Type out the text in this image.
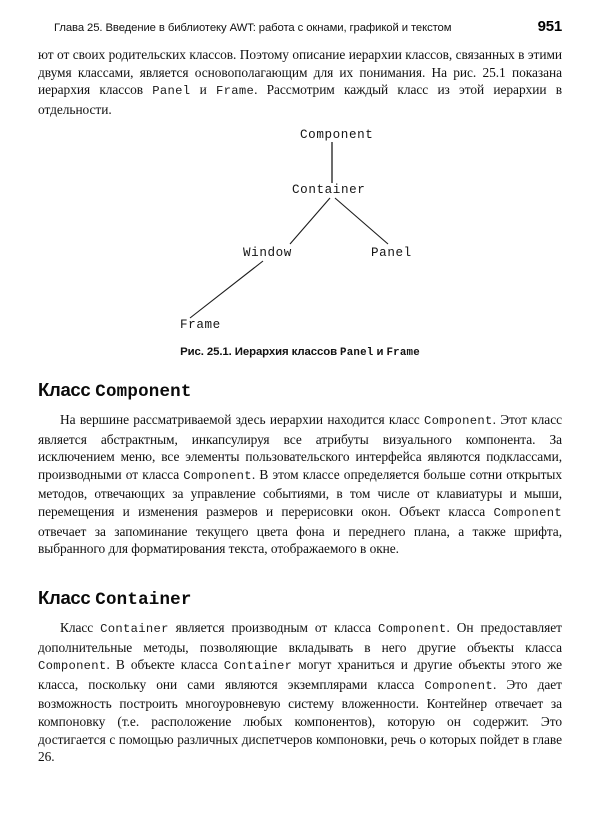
Глава 25. Введение в библиотеку AWT: работа с окнами, графикой и текстом	951

ют от своих родительских классов. Поэтому описание иерархии классов, связанных в этими двумя классами, является основополагающим для их понимания. На рис. 25.1 показана иерархия классов Panel и Frame. Рассмотрим каждый класс из этой иерархии в отдельности.

Component
Container
Window	Panel
Frame
Рис. 25.1. Иерархия классов Panel и Frame
Класс Component

На вершине рассматриваемой здесь иерархии находится класс Component. Этот класс является абстрактным, инкапсулируя все атрибуты визуального компонента. За исключением меню, все элементы пользовательского интерфейса являются подклассами, производными от класса Component. В этом классе определяется больше сотни открытых методов, отвечающих за управление событиями, в том числе от клавиатуры и мыши, перемещения и изменения размеров и перерисовки окон. Объект класса Component отвечает за запоминание текущего цвета фона и переднего плана, а также шрифта, выбранного для форматирования текста, отображаемого в окне.

Класс Container

Класс Container является производным от класса Component. Он предоставляет дополнительные методы, позволяющие вкладывать в него другие объекты класса Component. В объекте класса Container могут храниться и другие объекты этого же класса, поскольку они сами являются экземплярами класса Component. Это дает возможность построить многоуровневую систему вложенности. Контейнер отвечает за компоновку (т.е. расположение любых компонентов), которую он содержит. Это достигается с помощью различных диспетчеров компоновки, речь о которых пойдет в главе 26.
